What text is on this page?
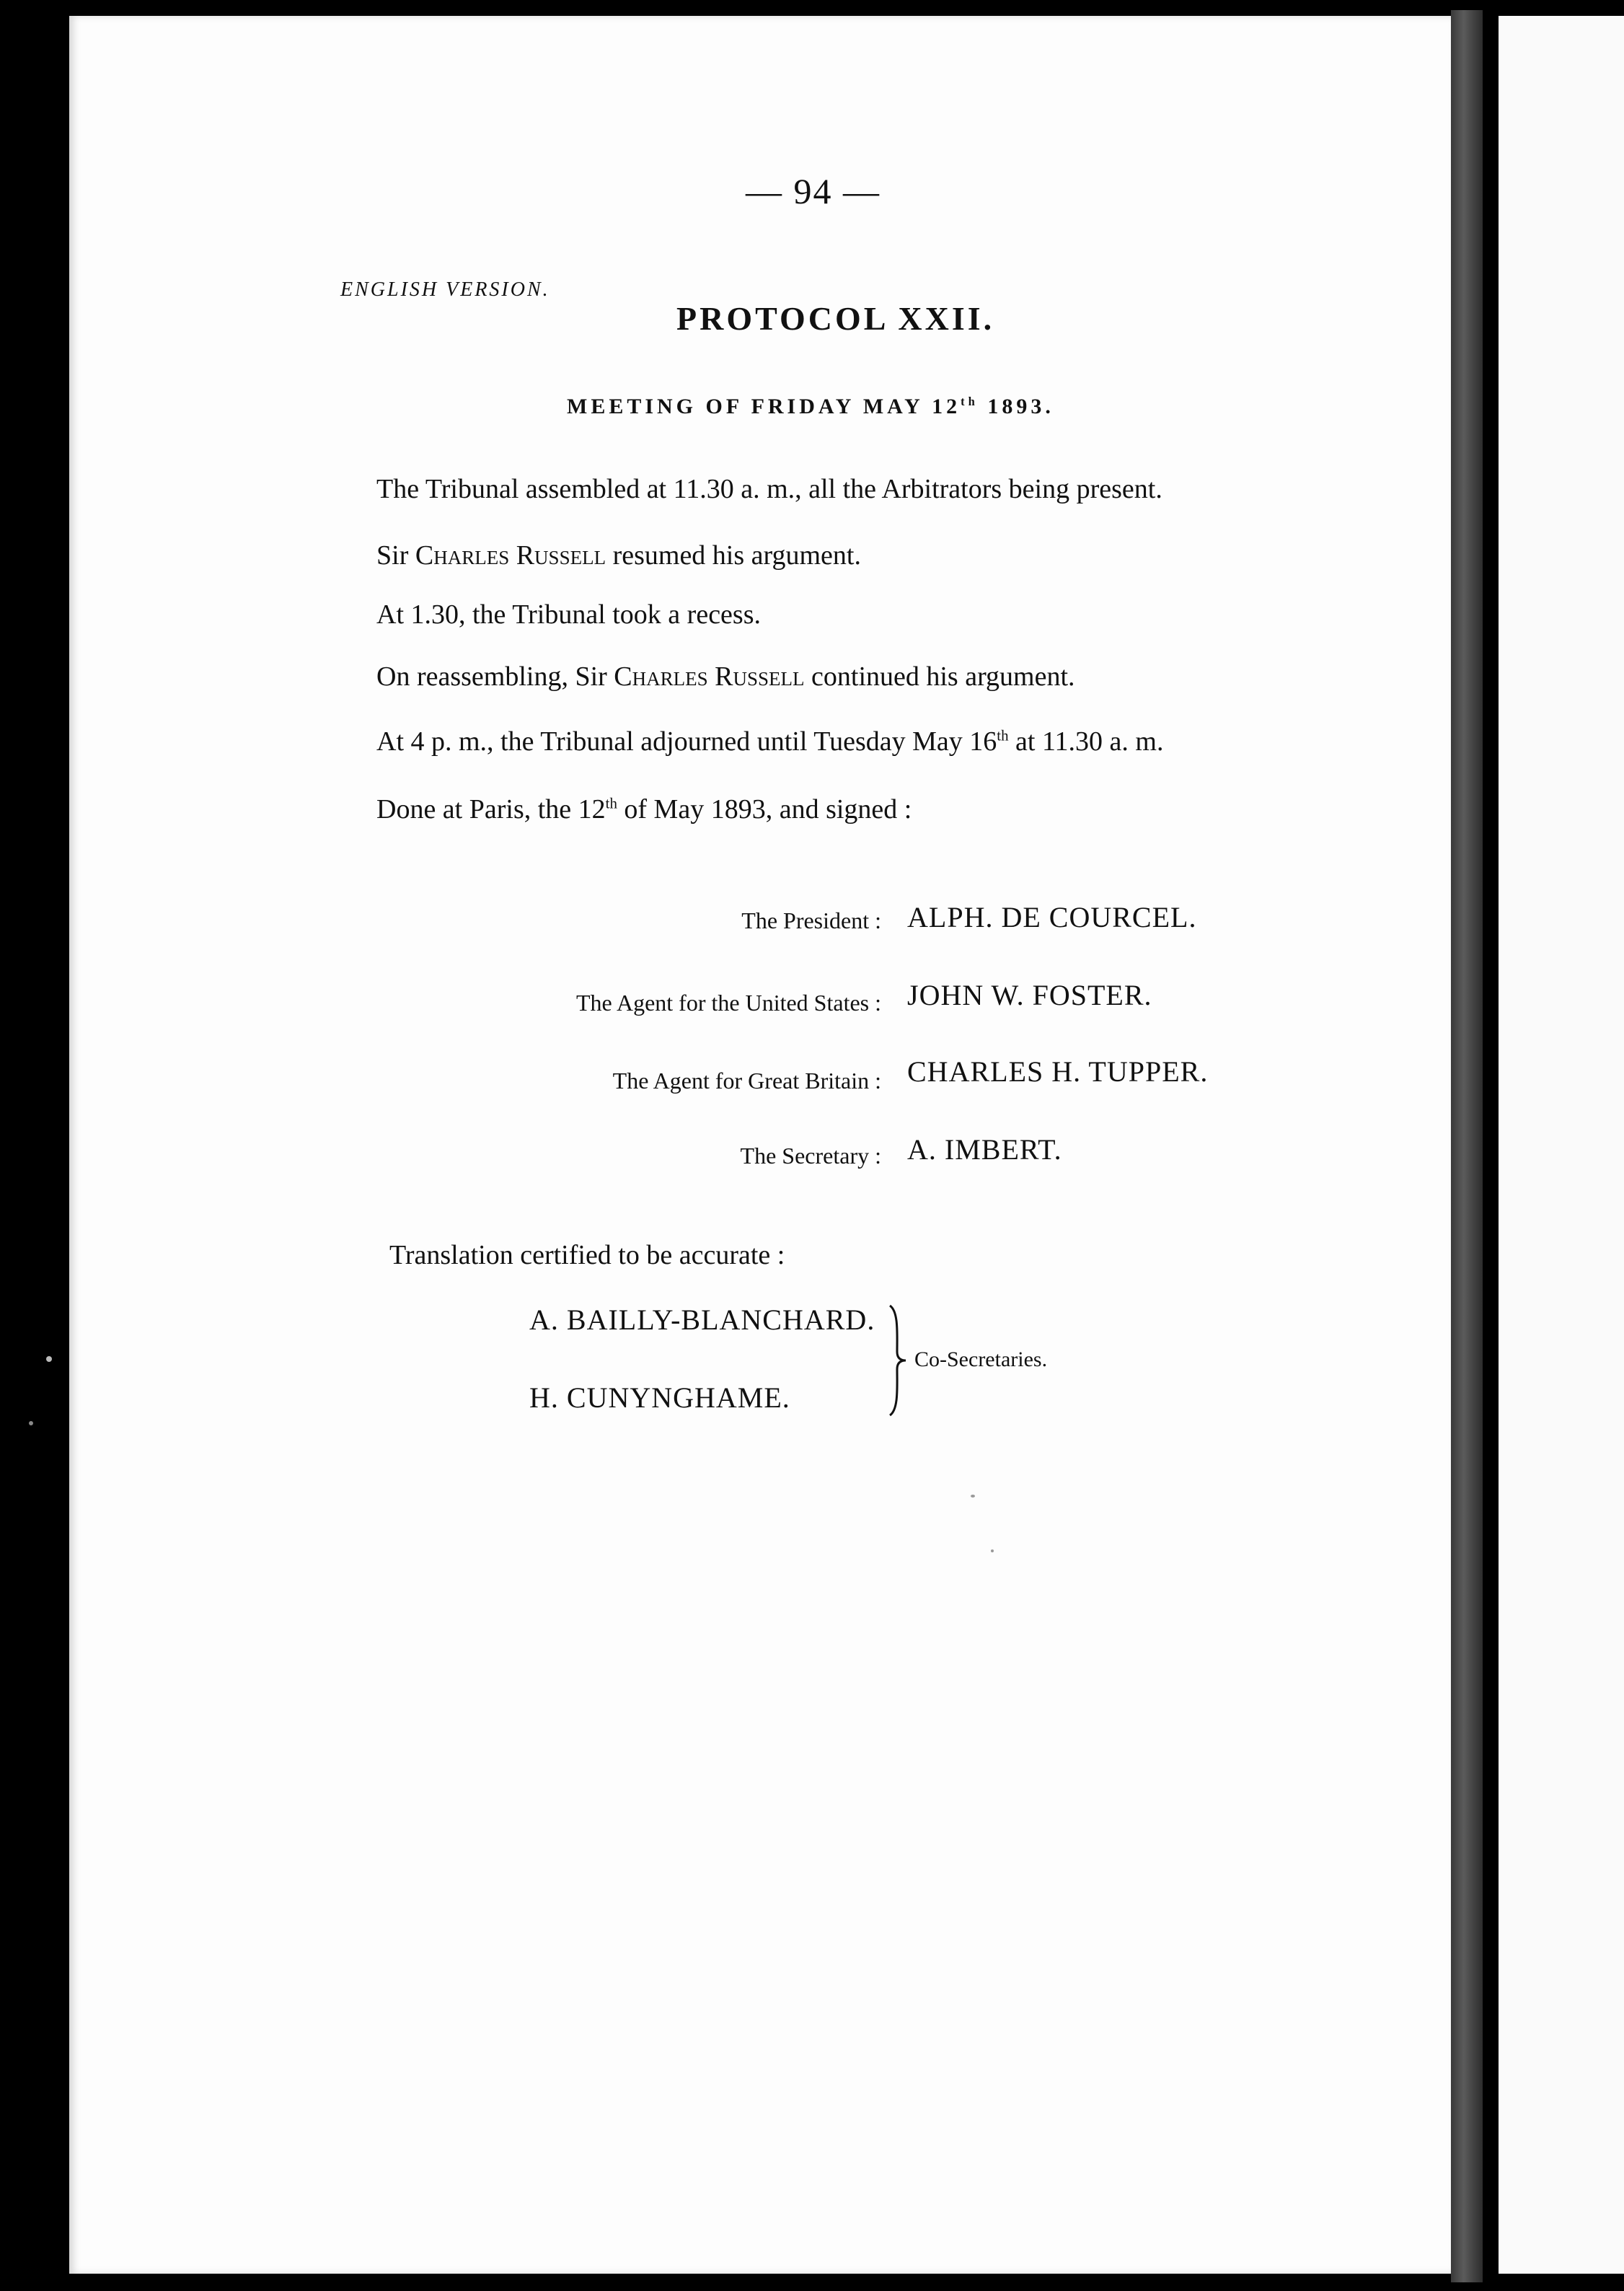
— 94 —
ENGLISH VERSION.
PROTOCOL XXII.
MEETING OF FRIDAY MAY 12th 1893.
The Tribunal assembled at 11.30 a. m., all the Arbitrators being present.
Sir Charles Russell resumed his argument.
At 1.30, the Tribunal took a recess.
On reassembling, Sir Charles Russell continued his argument.
At 4 p. m., the Tribunal adjourned until Tuesday May 16th at 11.30 a. m.
Done at Paris, the 12th of May 1893, and signed :
The President : ALPH. DE COURCEL.
The Agent for the United States : JOHN W. FOSTER.
The Agent for Great Britain : CHARLES H. TUPPER.
The Secretary : A. IMBERT.
Translation certified to be accurate :
A. BAILLY-BLANCHARD.
H. CUNYNGHAME.
Co-Secretaries.
